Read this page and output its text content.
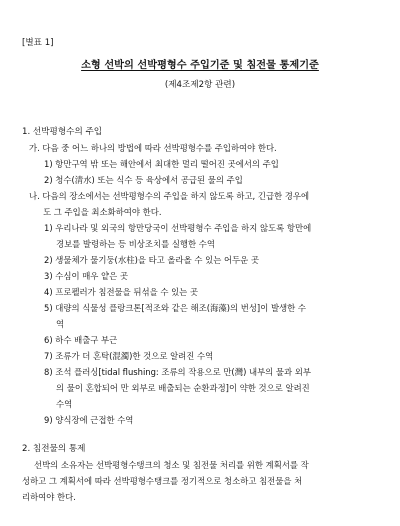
[별표 1]
소형 선박의 선박평형수 주입기준 및 침전물 통제기준
(제4조제2항 관련)
1. 선박평형수의 주입
가. 다음 중 어느 하나의 방법에 따라 선박평형수를 주입하여야 한다.
1) 항만구역 밖 또는 해안에서 최대한 멀리 떨어진 곳에서의 주입
2) 청수(淸水) 또는 식수 등 육상에서 공급된 물의 주입
나. 다음의 장소에서는 선박평형수의 주입을 하지 않도록 하고, 긴급한 경우에
도 그 주입을 최소화하여야 한다.
1) 우리나라 및 외국의 항만당국이 선박평형수 주입을 하지 않도록 항만에
경보를 발령하는 등 비상조치를 실행한 수역
2) 생물체가 물기둥(水柱)을 타고 올라올 수 있는 어두운 곳
3) 수심이 매우 얕은 곳
4) 프로펠러가 침전물을 뒤섞을 수 있는 곳
5) 대량의 식물성 플랑크톤[적조와 같은 해조(海藻)의 번성]이 발생한 수
역
6) 하수 배출구 부근
7) 조류가 더 혼탁(混濁)한 것으로 알려진 수역
8) 조석 플러싱[tidal flushing: 조류의 작용으로 만(灣) 내부의 물과 외부
의 물이 혼합되어 만 외부로 배출되는 순환과정]이 약한 것으로 알려진
수역
9) 양식장에 근접한 수역
2. 침전물의 통제
선박의 소유자는 선박평형수탱크의 청소 및 침전물 처리를 위한 계획서를 작
성하고 그 계획서에 따라 선박평형수탱크를 정기적으로 청소하고 침전물을 처
리하여야 한다.
